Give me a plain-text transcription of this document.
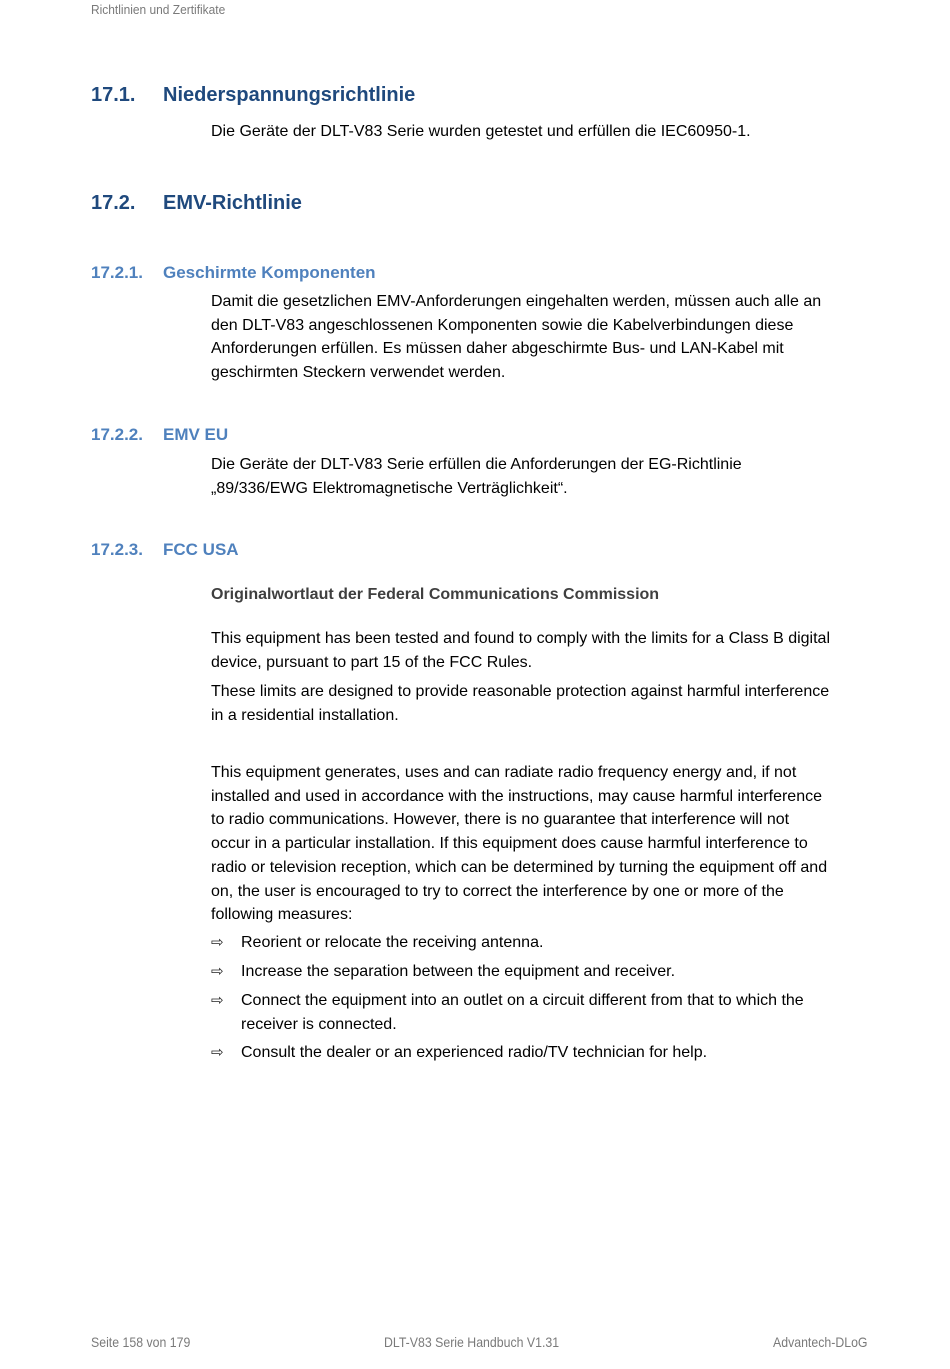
Richtlinien und Zertifikate
17.1. Niederspannungsrichtlinie
Die Geräte der DLT-V83 Serie wurden getestet und erfüllen die IEC60950-1.
17.2. EMV-Richtlinie
17.2.1. Geschirmte Komponenten
Damit die gesetzlichen EMV-Anforderungen eingehalten werden, müssen auch alle an
den DLT-V83 angeschlossenen Komponenten sowie die Kabelverbindungen diese
Anforderungen erfüllen. Es müssen daher abgeschirmte Bus- und LAN-Kabel mit
geschirmten Steckern verwendet werden.
17.2.2. EMV EU
Die Geräte der DLT-V83 Serie erfüllen die Anforderungen der EG-Richtlinie
„89/336/EWG Elektromagnetische Verträglichkeit“.
17.2.3. FCC USA
Originalwortlaut der Federal Communications Commission
This equipment has been tested and found to comply with the limits for a Class B digital
device, pursuant to part 15 of the FCC Rules.
These limits are designed to provide reasonable protection against harmful interference
in a residential installation.
This equipment generates, uses and can radiate radio frequency energy and, if not
installed and used in accordance with the instructions, may cause harmful interference
to radio communications. However, there is no guarantee that interference will not
occur in a particular installation. If this equipment does cause harmful interference to
radio or television reception, which can be determined by turning the equipment off and
on, the user is encouraged to try to correct the interference by one or more of the
following measures:
⇨ Reorient or relocate the receiving antenna.
⇨ Increase the separation between the equipment and receiver.
⇨ Connect the equipment into an outlet on a circuit different from that to which the
receiver is connected.
⇨ Consult the dealer or an experienced radio/TV technician for help.
Seite 158 von 179	DLT-V83 Serie Handbuch V1.31	Advantech-DLoG
